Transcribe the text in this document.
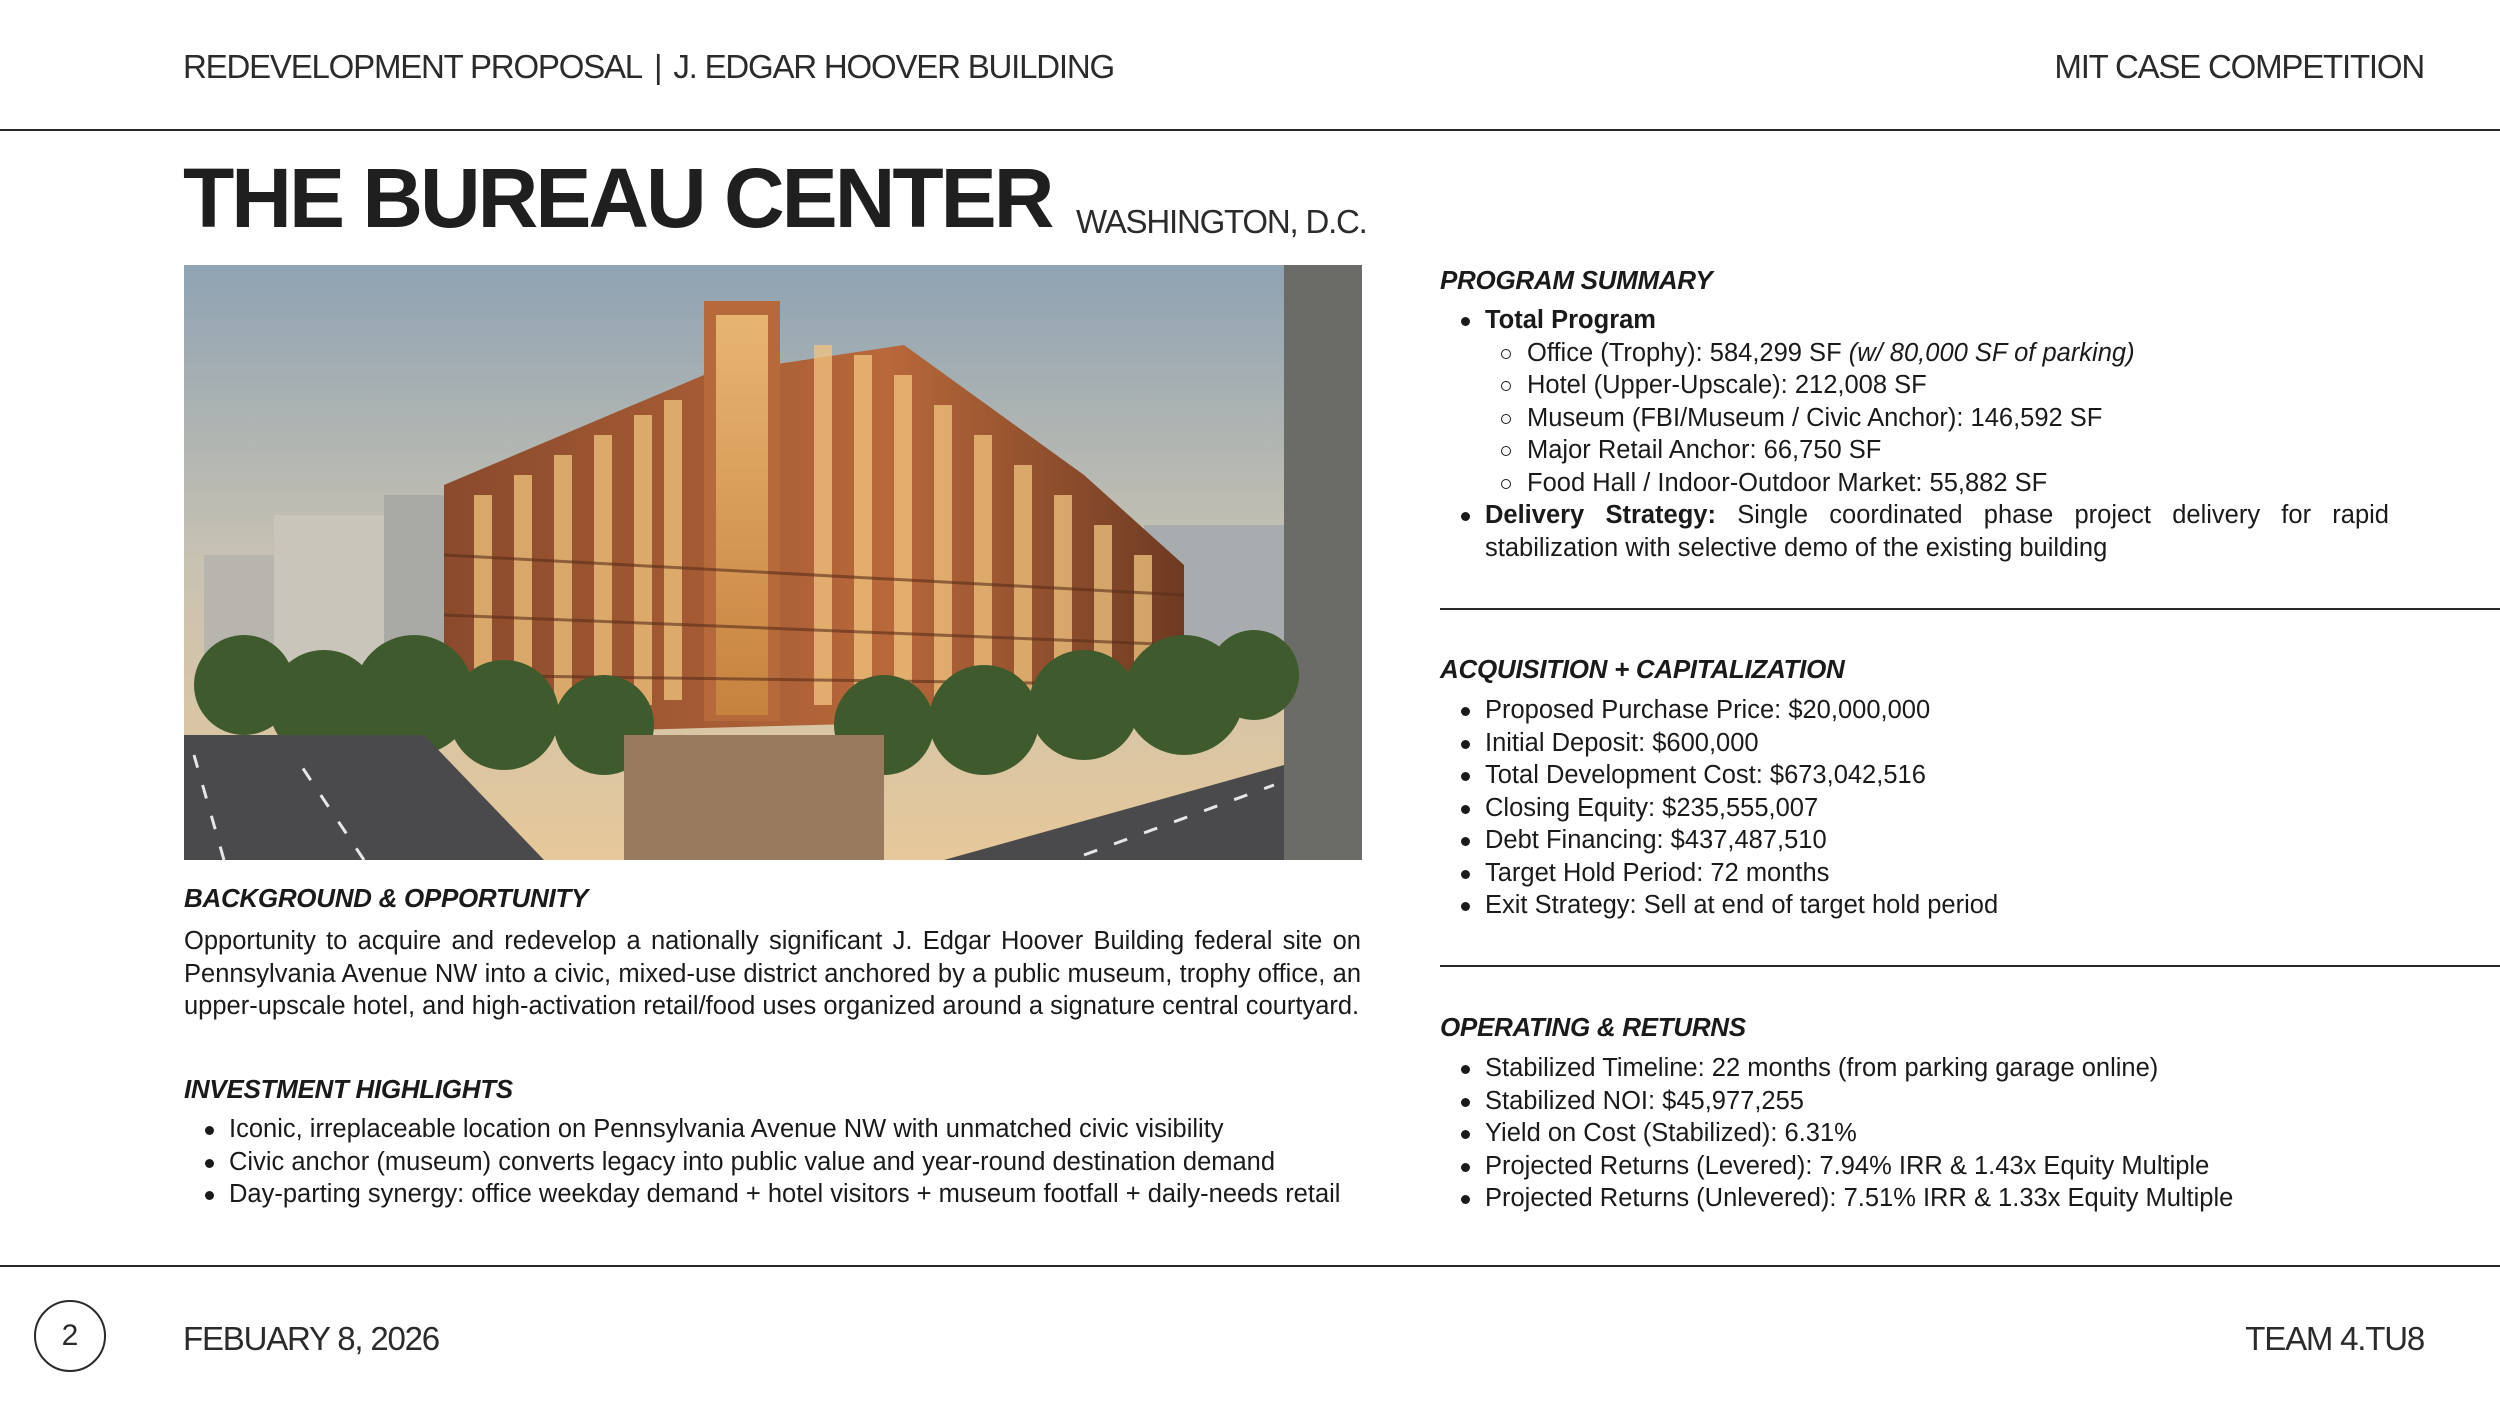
REDEVELOPMENT PROPOSAL | J. EDGAR HOOVER BUILDING	MIT CASE COMPETITION
THE BUREAU CENTER WASHINGTON, D.C.
BACKGROUND & OPPORTUNITY
Opportunity to acquire and redevelop a nationally significant J. Edgar Hoover Building federal site on Pennsylvania Avenue NW into a civic, mixed-use district anchored by a public museum, trophy office, an upper-upscale hotel, and high-activation retail/food uses organized around a signature central courtyard.
INVESTMENT HIGHLIGHTS
Iconic, irreplaceable location on Pennsylvania Avenue NW with unmatched civic visibility
Civic anchor (museum) converts legacy into public value and year-round destination demand
Day-parting synergy: office weekday demand + hotel visitors + museum footfall + daily-needs retail
PROGRAM SUMMARY
Total Program
Office (Trophy): 584,299 SF (w/ 80,000 SF of parking)
Hotel (Upper-Upscale): 212,008 SF
Museum (FBI/Museum / Civic Anchor): 146,592 SF
Major Retail Anchor: 66,750 SF
Food Hall / Indoor-Outdoor Market: 55,882 SF
Delivery Strategy: Single coordinated phase project delivery for rapid stabilization with selective demo of the existing building
ACQUISITION + CAPITALIZATION
Proposed Purchase Price: $20,000,000
Initial Deposit: $600,000
Total Development Cost: $673,042,516
Closing Equity: $235,555,007
Debt Financing: $437,487,510
Target Hold Period: 72 months
Exit Strategy: Sell at end of target hold period
OPERATING & RETURNS
Stabilized Timeline: 22 months (from parking garage online)
Stabilized NOI: $45,977,255
Yield on Cost (Stabilized): 6.31%
Projected Returns (Levered): 7.94% IRR & 1.43x Equity Multiple
Projected Returns (Unlevered): 7.51% IRR & 1.33x Equity Multiple
2	FEBUARY 8, 2026	TEAM 4.TU8
